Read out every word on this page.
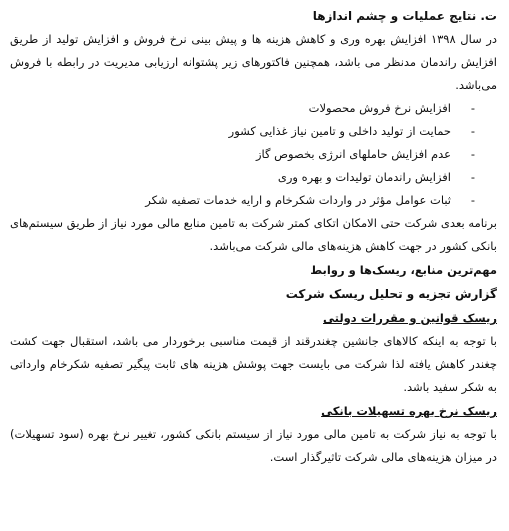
ت. نتایج عملیات و چشم اندازها

در سال ۱۳۹۸ افزایش بهره وری و کاهش هزینه ها و پیش بینی نرخ فروش و افزایش تولید از طریق افزایش راندمان مدنظر می باشد، همچنین فاکتورهای زیر پشتوانه ارزیابی مدیریت در رابطه با فروش می‌باشد.

- افزایش نرخ فروش محصولات
- حمایت از تولید داخلی و تامین نیاز غذایی کشور
- عدم افزایش حاملهای انرژی بخصوص گاز
- افزایش راندمان تولیدات و بهره وری
- ثبات عوامل مؤثر در واردات شکرخام و ارایه خدمات تصفیه شکر

برنامه بعدی شرکت حتی الامکان اتکای کمتر شرکت به تامین منابع مالی مورد نیاز از طریق سیستم‌های بانکی کشور در جهت کاهش هزینه‌های مالی شرکت می‌باشد.

مهم‌ترین منابع، ریسک‌ها و روابط
گزارش تجزیه و تحلیل ریسک شرکت
ریسک قوانین و مقررات دولتی

با توجه به اینکه کالاهای جانشین چغندرقند از قیمت مناسبی برخوردار می باشد، استقبال جهت کشت چغندر کاهش یافته لذا شرکت می بایست جهت پوشش هزینه های ثابت پیگیر تصفیه شکرخام وارداتی به شکر سفید باشد.

ریسک نرخ بهره تسهیلات بانکی

با توجه به نیاز شرکت به تامین مالی مورد نیاز از سیستم بانکی کشور، تغییر نرخ بهره (سود تسهیلات) در میزان هزینه‌های مالی شرکت تاثیرگذار است.
